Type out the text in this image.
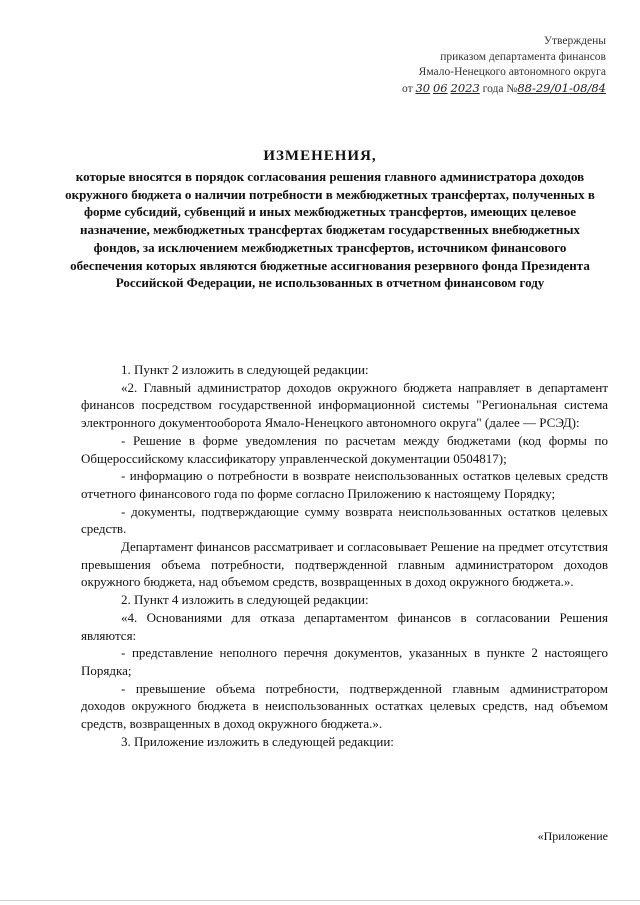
Утверждены
приказом департамента финансов
Ямало-Ненецкого автономного округа
от 30 06 2023 года №88-29/01-08/84
ИЗМЕНЕНИЯ,
которые вносятся в порядок согласования решения главного администратора доходов окружного бюджета о наличии потребности в межбюджетных трансфертах, полученных в форме субсидий, субвенций и иных межбюджетных трансфертов, имеющих целевое назначение, межбюджетных трансфертах бюджетам государственных внебюджетных фондов, за исключением межбюджетных трансфертов, источником финансового обеспечения которых являются бюджетные ассигнования резервного фонда Президента Российской Федерации, не использованных в отчетном финансовом году

1. Пункт 2 изложить в следующей редакции:

«2. Главный администратор доходов окружного бюджета направляет в департамент финансов посредством государственной информационной системы "Региональная система электронного документооборота Ямало-Ненецкого автономного округа" (далее — РСЭД):

- Решение в форме уведомления по расчетам между бюджетами (код формы по Общероссийскому классификатору управленческой документации 0504817);

- информацию о потребности в возврате неиспользованных остатков целевых средств отчетного финансового года по форме согласно Приложению к настоящему Порядку;

- документы, подтверждающие сумму возврата неиспользованных остатков целевых средств.

Департамент финансов рассматривает и согласовывает Решение на предмет отсутствия превышения объема потребности, подтвержденной главным администратором доходов окружного бюджета, над объемом средств, возвращенных в доход окружного бюджета.».

2. Пункт 4 изложить в следующей редакции:

«4. Основаниями для отказа департаментом финансов в согласовании Решения являются:

- представление неполного перечня документов, указанных в пункте 2 настоящего Порядка;

- превышение объема потребности, подтвержденной главным администратором доходов окружного бюджета в неиспользованных остатках целевых средств, над объемом средств, возвращенных в доход окружного бюджета.».

3. Приложение изложить в следующей редакции:

«Приложение
